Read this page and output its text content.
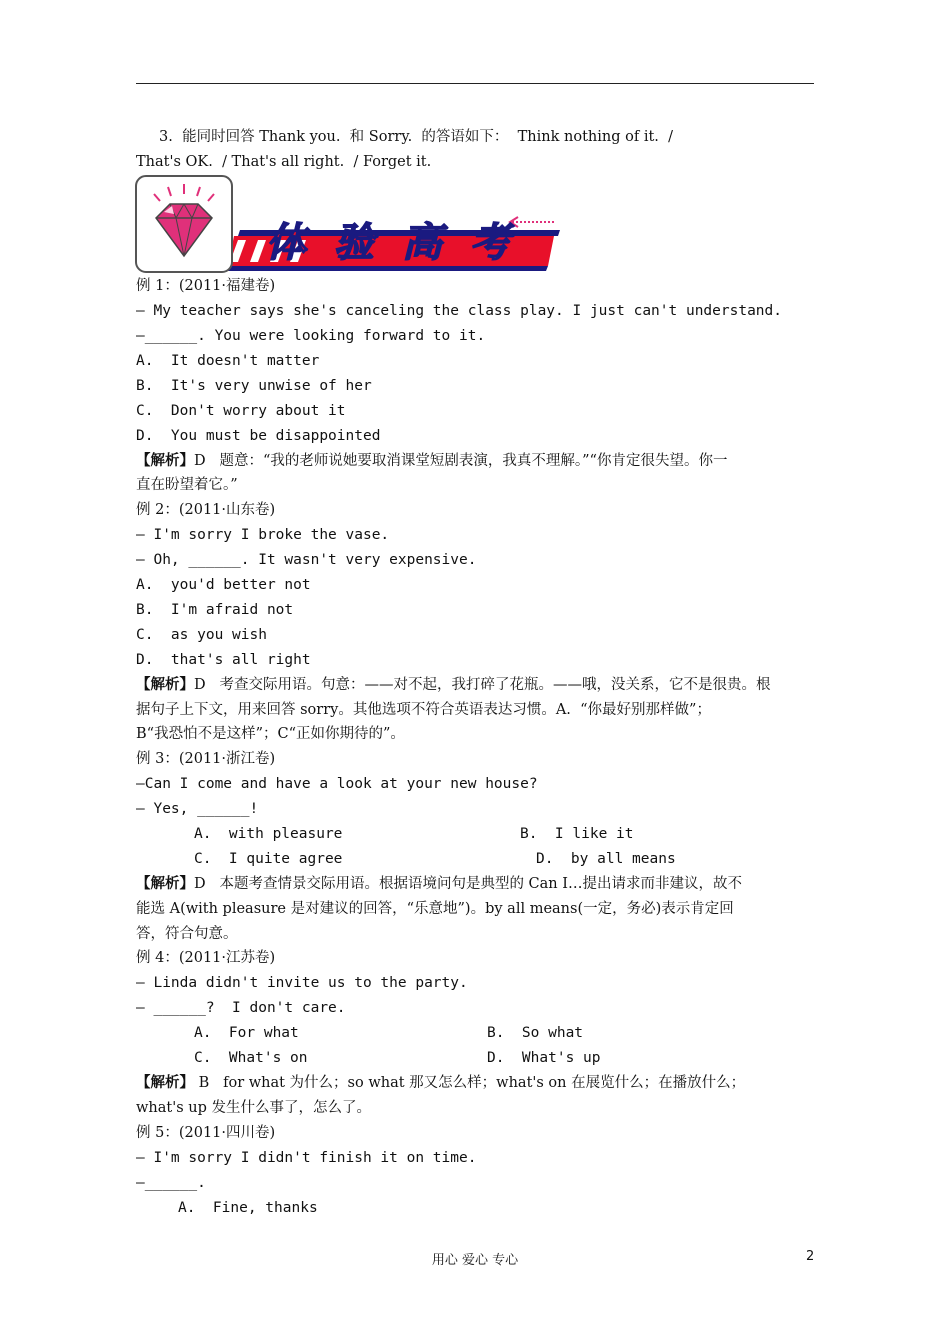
3.  能同时回答 Thank you.  和 Sorry.  的答语如下：  Think nothing of it.  /
That's OK.  / That's all right.  / Forget it.
体验高考
例 1：(2011·福建卷)
— My teacher says she's canceling the class play. I just can't understand.
—______. You were looking forward to it.
A.  It doesn't matter
B.  It's very unwise of her
C.  Don't worry about it
D.  You must be disappointed
【解析】D   题意：“我的老师说她要取消课堂短剧表演，我真不理解。”“你肯定很失望。你一
直在盼望着它。”
例 2：(2011·山东卷)
— I'm sorry I broke the vase.
— Oh, ______. It wasn't very expensive.
A.  you'd better not
B.  I'm afraid not
C.  as you wish
D.  that's all right
【解析】D   考查交际用语。句意：——对不起，我打碎了花瓶。——哦，没关系，它不是很贵。根
据句子上下文，用来回答 sorry。其他选项不符合英语表达习惯。A.  “你最好别那样做”；
B“我恐怕不是这样”；C“正如你期待的”。
例 3：(2011·浙江卷)
—Can I come and have a look at your new house?
— Yes, ______!
A.  with pleasure	B.  I like it
C.  I quite agree	D.  by all means
【解析】D   本题考查情景交际用语。根据语境问句是典型的 Can I…提出请求而非建议，故不
能选 A(with pleasure 是对建议的回答，“乐意地”)。by all means(一定，务必)表示肯定回
答，符合句意。
例 4：(2011·江苏卷)
— Linda didn't invite us to the party.
— ______?  I don't care.
A.  For what	B.  So what
C.  What's on	D.  What's up
【解析】 B   for what 为什么；so what 那又怎么样；what's on 在展览什么；在播放什么；
what's up 发生什么事了，怎么了。
例 5：(2011·四川卷)
— I'm sorry I didn't finish it on time.
—______.
A.  Fine, thanks
用心 爱心 专心	2
